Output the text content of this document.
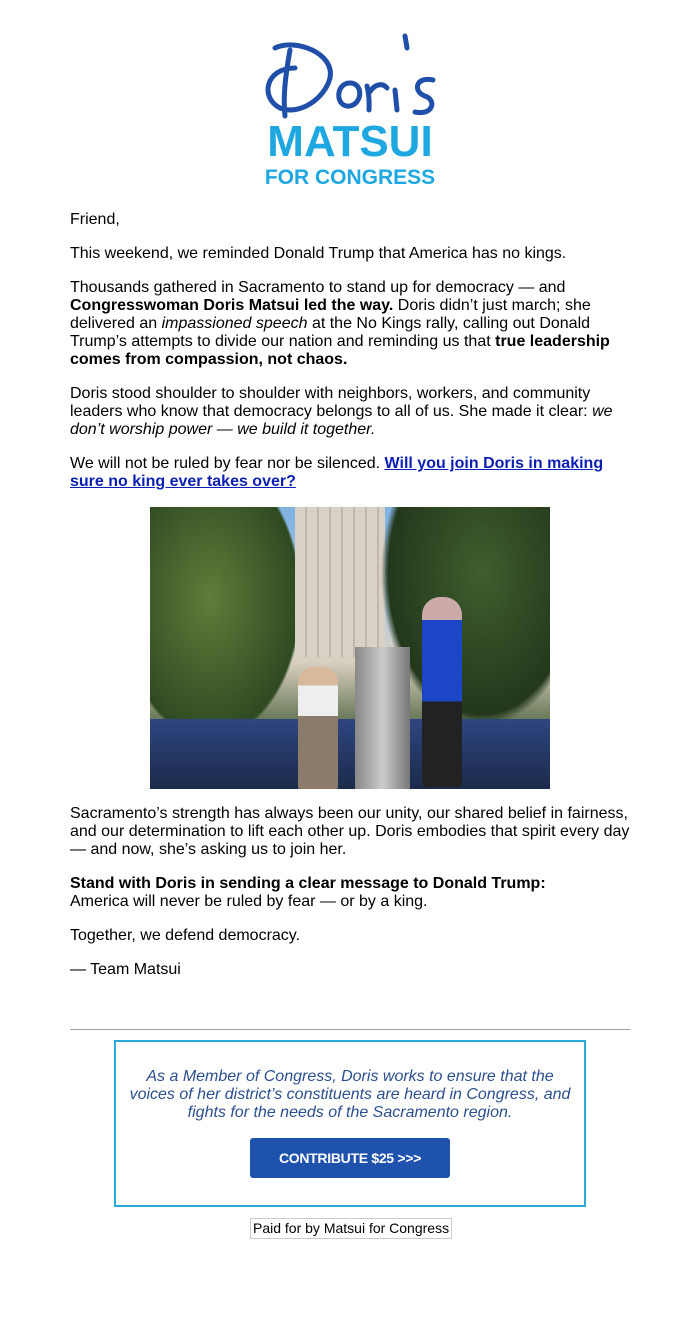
MATSUI
FOR CONGRESS

Friend,

This weekend, we reminded Donald Trump that America has no kings.

Thousands gathered in Sacramento to stand up for democracy — and Congresswoman Doris Matsui led the way. Doris didn’t just march; she delivered an impassioned speech at the No Kings rally, calling out Donald Trump’s attempts to divide our nation and reminding us that true leadership comes from compassion, not chaos.

Doris stood shoulder to shoulder with neighbors, workers, and community leaders who know that democracy belongs to all of us. She made it clear: we don’t worship power — we build it together.

We will not be ruled by fear nor be silenced. Will you join Doris in making sure no king ever takes over?

Sacramento’s strength has always been our unity, our shared belief in fairness, and our determination to lift each other up. Doris embodies that spirit every day — and now, she’s asking us to join her.

Stand with Doris in sending a clear message to Donald Trump:
America will never be ruled by fear — or by a king.

Together, we defend democracy.

— Team Matsui

As a Member of Congress, Doris works to ensure that the voices of her district’s constituents are heard in Congress, and fights for the needs of the Sacramento region.
CONTRIBUTE $25 >>>
Paid for by Matsui for Congress
